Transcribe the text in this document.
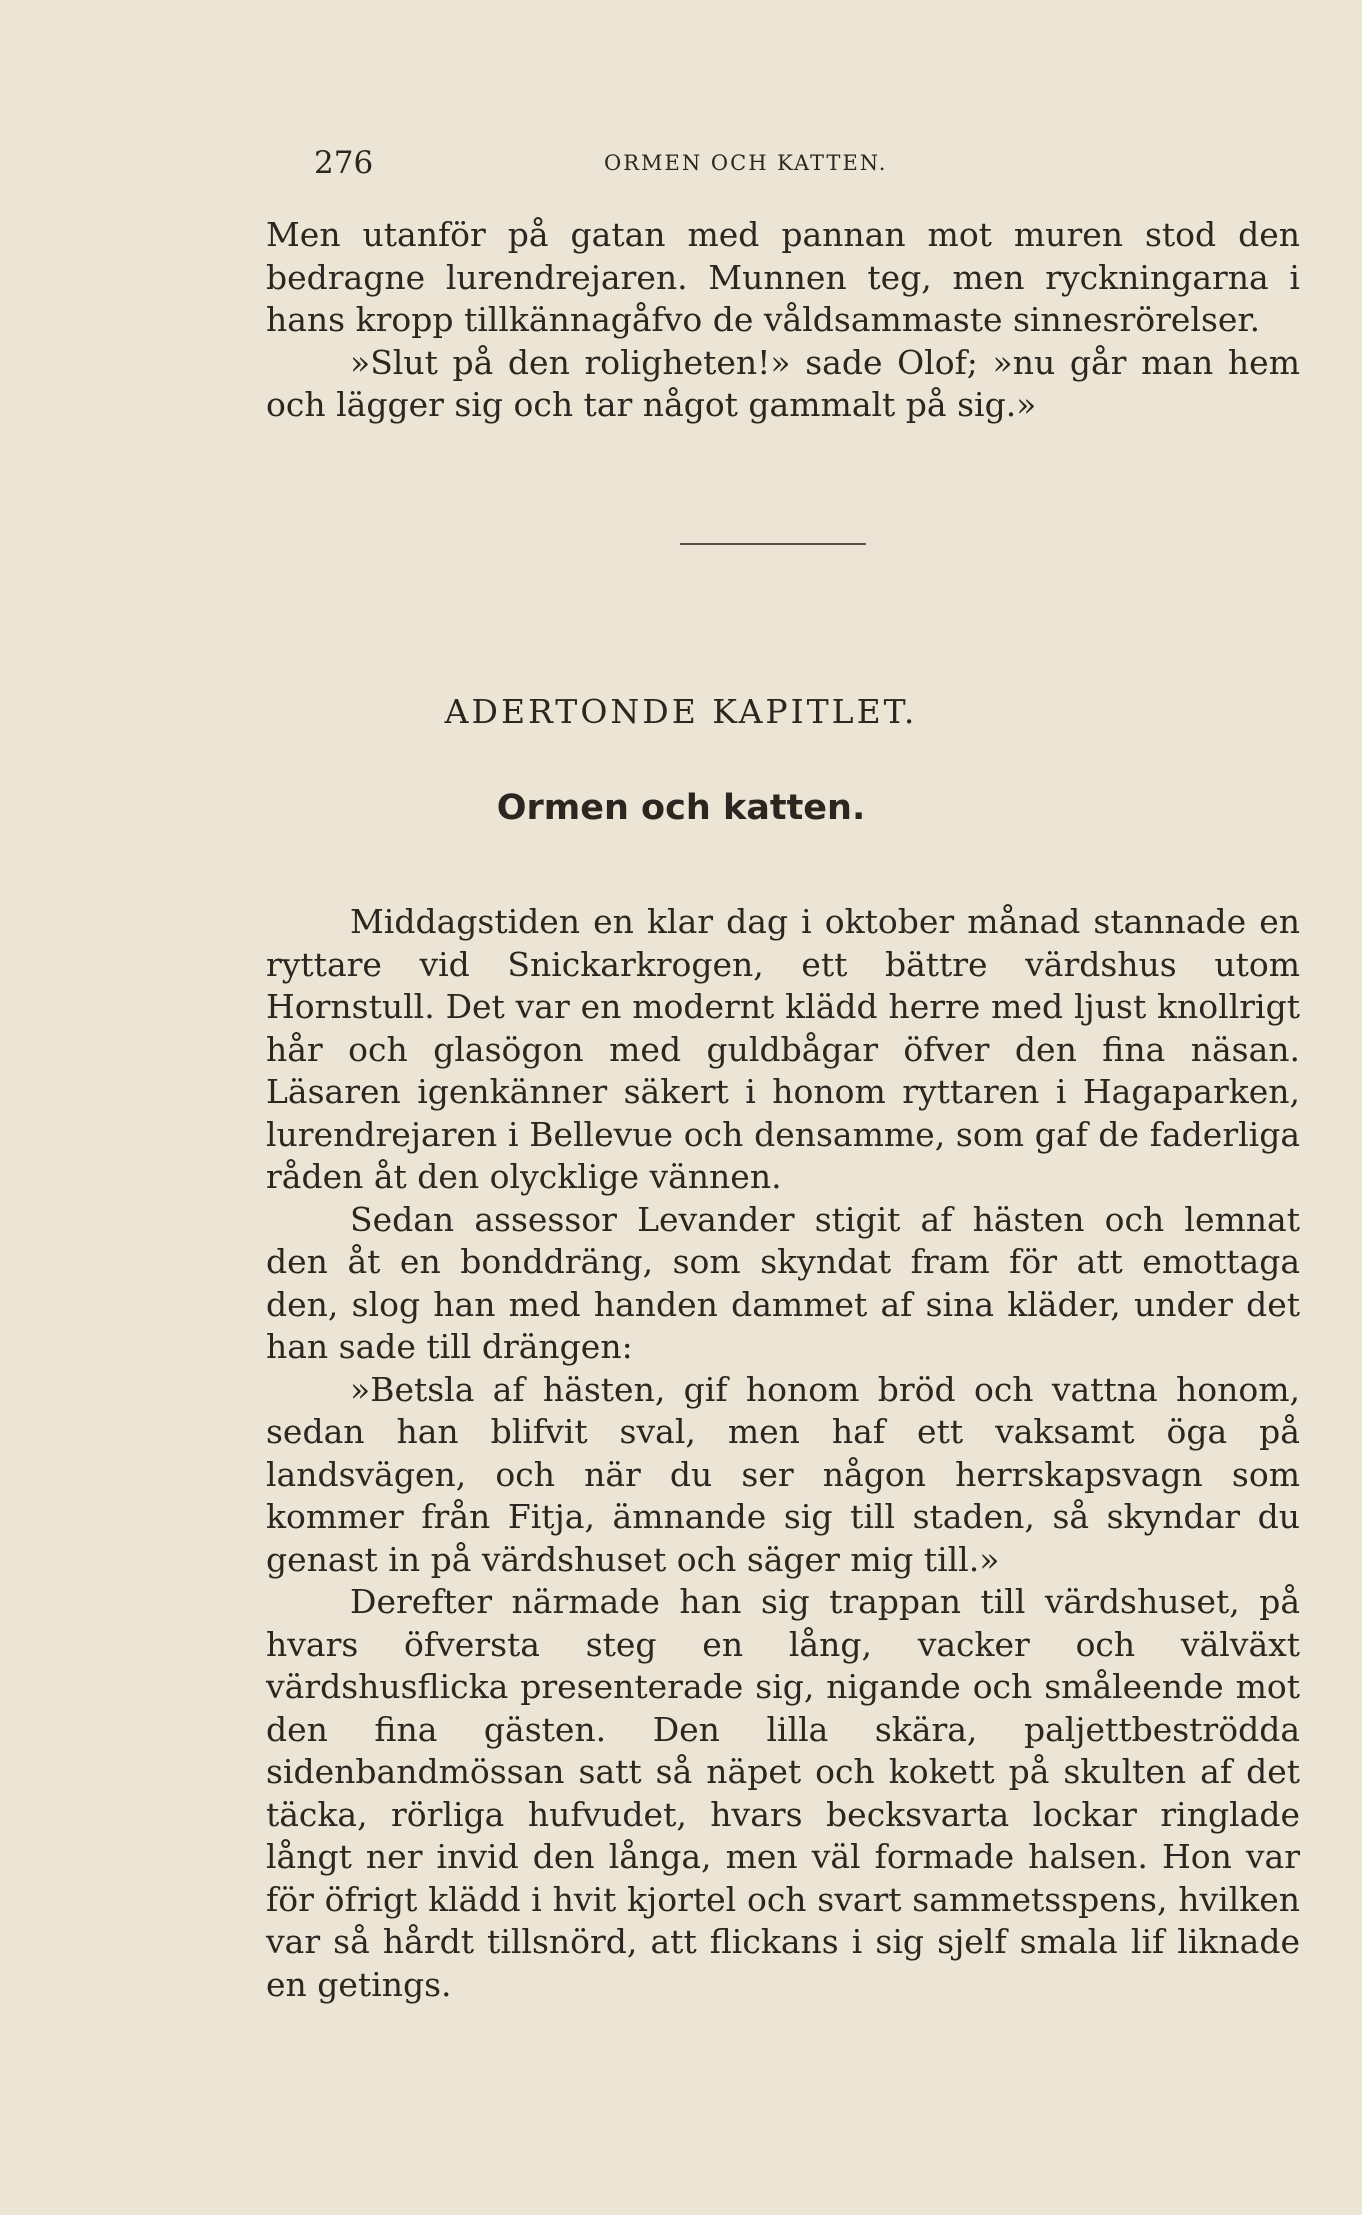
276	ORMEN OCH KATTEN.

Men utanför på gatan med pannan mot muren stod den bedragne lurendrejaren. Munnen teg, men ryckningarna i hans kropp tillkännagåfvo de våldsammaste sinnesrörelser.

»Slut på den roligheten!» sade Olof; »nu går man hem och lägger sig och tar något gammalt på sig.»

ADERTONDE KAPITLET.
Ormen och katten.

Middagstiden en klar dag i oktober månad stannade en ryttare vid Snickarkrogen, ett bättre värdshus utom Hornstull. Det var en modernt klädd herre med ljust knollrigt hår och glasögon med guldbågar öfver den fina näsan. Läsaren igenkänner säkert i honom ryttaren i Hagaparken, lurendrejaren i Bellevue och densamme, som gaf de faderliga råden åt den olycklige vännen.

Sedan assessor Levander stigit af hästen och lemnat den åt en bonddräng, som skyndat fram för att emottaga den, slog han med handen dammet af sina kläder, under det han sade till drängen:

»Betsla af hästen, gif honom bröd och vattna honom, sedan han blifvit sval, men haf ett vaksamt öga på landsvägen, och när du ser någon herrskapsvagn som kommer från Fitja, ämnande sig till staden, så skyndar du genast in på värdshuset och säger mig till.»

Derefter närmade han sig trappan till värdshuset, på hvars öfversta steg en lång, vacker och välväxt värdshusflicka presenterade sig, nigande och småleende mot den fina gästen. Den lilla skära, paljettbeströdda sidenbandmössan satt så näpet och kokett på skulten af det täcka, rörliga hufvudet, hvars becksvarta lockar ringlade långt ner invid den långa, men väl formade halsen. Hon var för öfrigt klädd i hvit kjortel och svart sammetsspens, hvilken var så hårdt tillsnörd, att flickans i sig sjelf smala lif liknade en getings.
